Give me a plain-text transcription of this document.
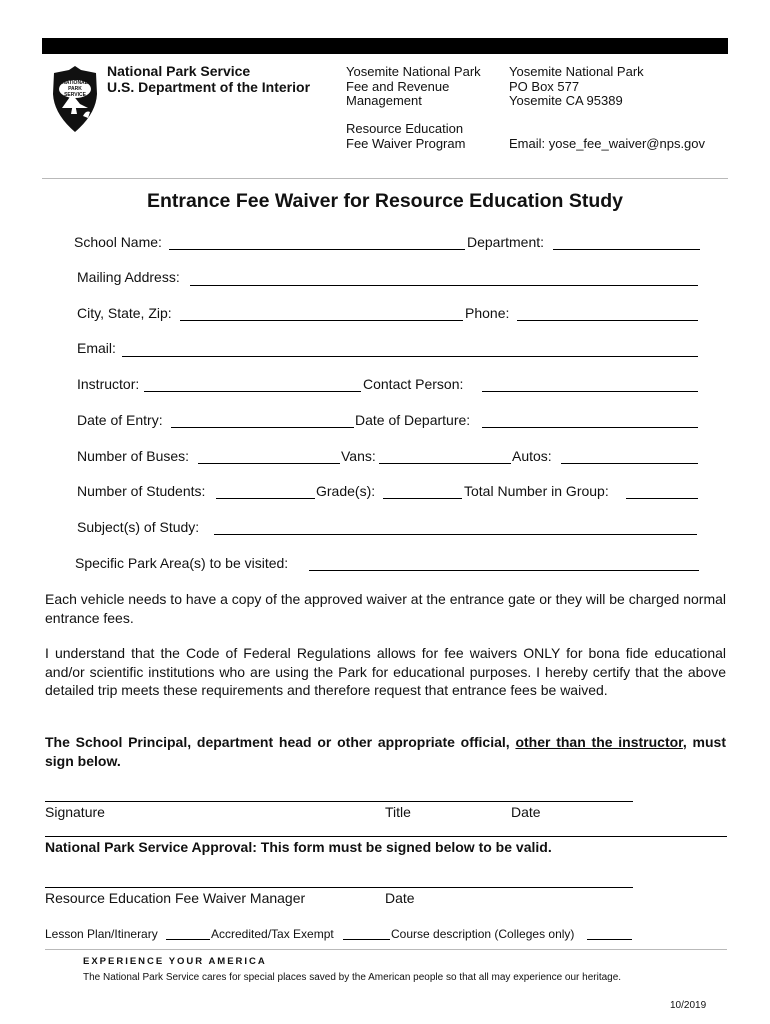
NATIONAL
PARK
SERVICE
National Park Service
U.S. Department of the Interior
Yosemite National Park
Fee and Revenue
Management
Resource Education
Fee Waiver Program
Yosemite National Park
PO Box 577
Yosemite CA 95389
Email: yose_fee_waiver@nps.gov
Entrance Fee Waiver for Resource Education Study
School Name:	Department:
Mailing Address:
City, State, Zip:	Phone:
Email:
Instructor:	Contact Person:
Date of Entry:	Date of Departure:
Number of Buses:	Vans:	Autos:
Number of Students:	Grade(s):	Total Number in Group:
Subject(s) of Study:
Specific Park Area(s) to be visited:
Each vehicle needs to have a copy of the approved waiver at the entrance gate or they will be charged normal entrance fees.
I understand that the Code of Federal Regulations allows for fee waivers ONLY for bona fide educational and/or scientific institutions who are using the Park for educational purposes. I hereby certify that the above detailed trip meets these requirements and therefore request that entrance fees be waived.
The School Principal, department head or other appropriate official, other than the instructor, must sign below.
Signature	Title	Date
National Park Service Approval: This form must be signed below to be valid.
Resource Education Fee Waiver Manager	Date
Lesson Plan/Itinerary	Accredited/Tax Exempt	Course description (Colleges only)
EXPERIENCE YOUR AMERICA
The National Park Service cares for special places saved by the American people so that all may experience our heritage.
10/2019
